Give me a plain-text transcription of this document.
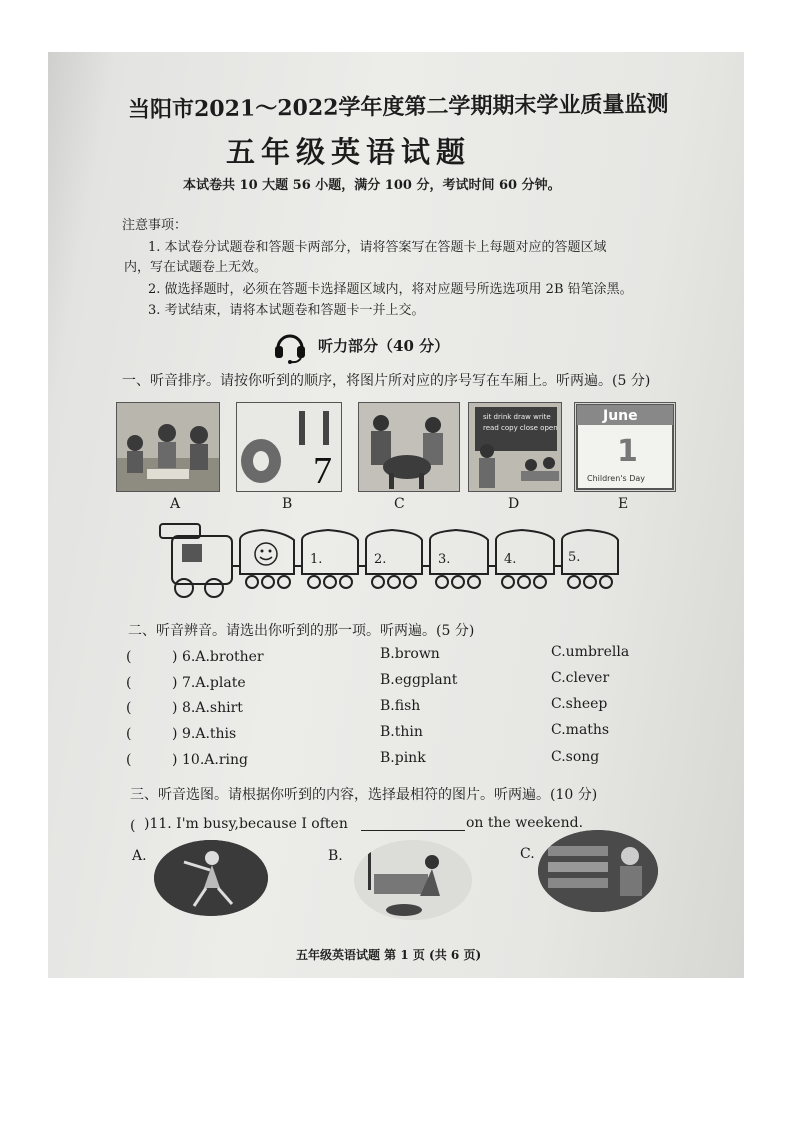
当阳市2021～2022学年度第二学期期末学业质量监测
五年级英语试题
本试卷共 10 大题 56 小题，满分 100 分，考试时间 60 分钟。
注意事项：
1. 本试卷分试题卷和答题卡两部分，请将答案写在答题卡上每题对应的答题区域
内，写在试题卷上无效。
2. 做选择题时，必须在答题卡选择题区域内，将对应题号所选选项用 2B 铅笔涂黑。
3. 考试结束，请将本试题卷和答题卡一并上交。
听力部分（40 分）
一、听音排序。请按你听到的顺序，将图片所对应的序号写在车厢上。听两遍。(5 分)
7
sit drink draw write
read copy close open
June
1
Children's Day
A	B	C	D	E
1.	2.	3.	4.	5.
二、听音辨音。请选出你听到的那一项。听两遍。(5 分)
(	) 6.A.brother	B.brown	C.umbrella
(	) 7.A.plate	B.eggplant	C.clever
(	) 8.A.shirt	B.fish	C.sheep
(	) 9.A.this	B.thin	C.maths
(	) 10.A.ring	B.pink	C.song
三、听音选图。请根据你听到的内容，选择最相符的图片。听两遍。(10 分)
( )11. I'm busy,because I often	on the weekend.
A.	B.	C.
五年级英语试题 第 1 页 (共 6 页)
